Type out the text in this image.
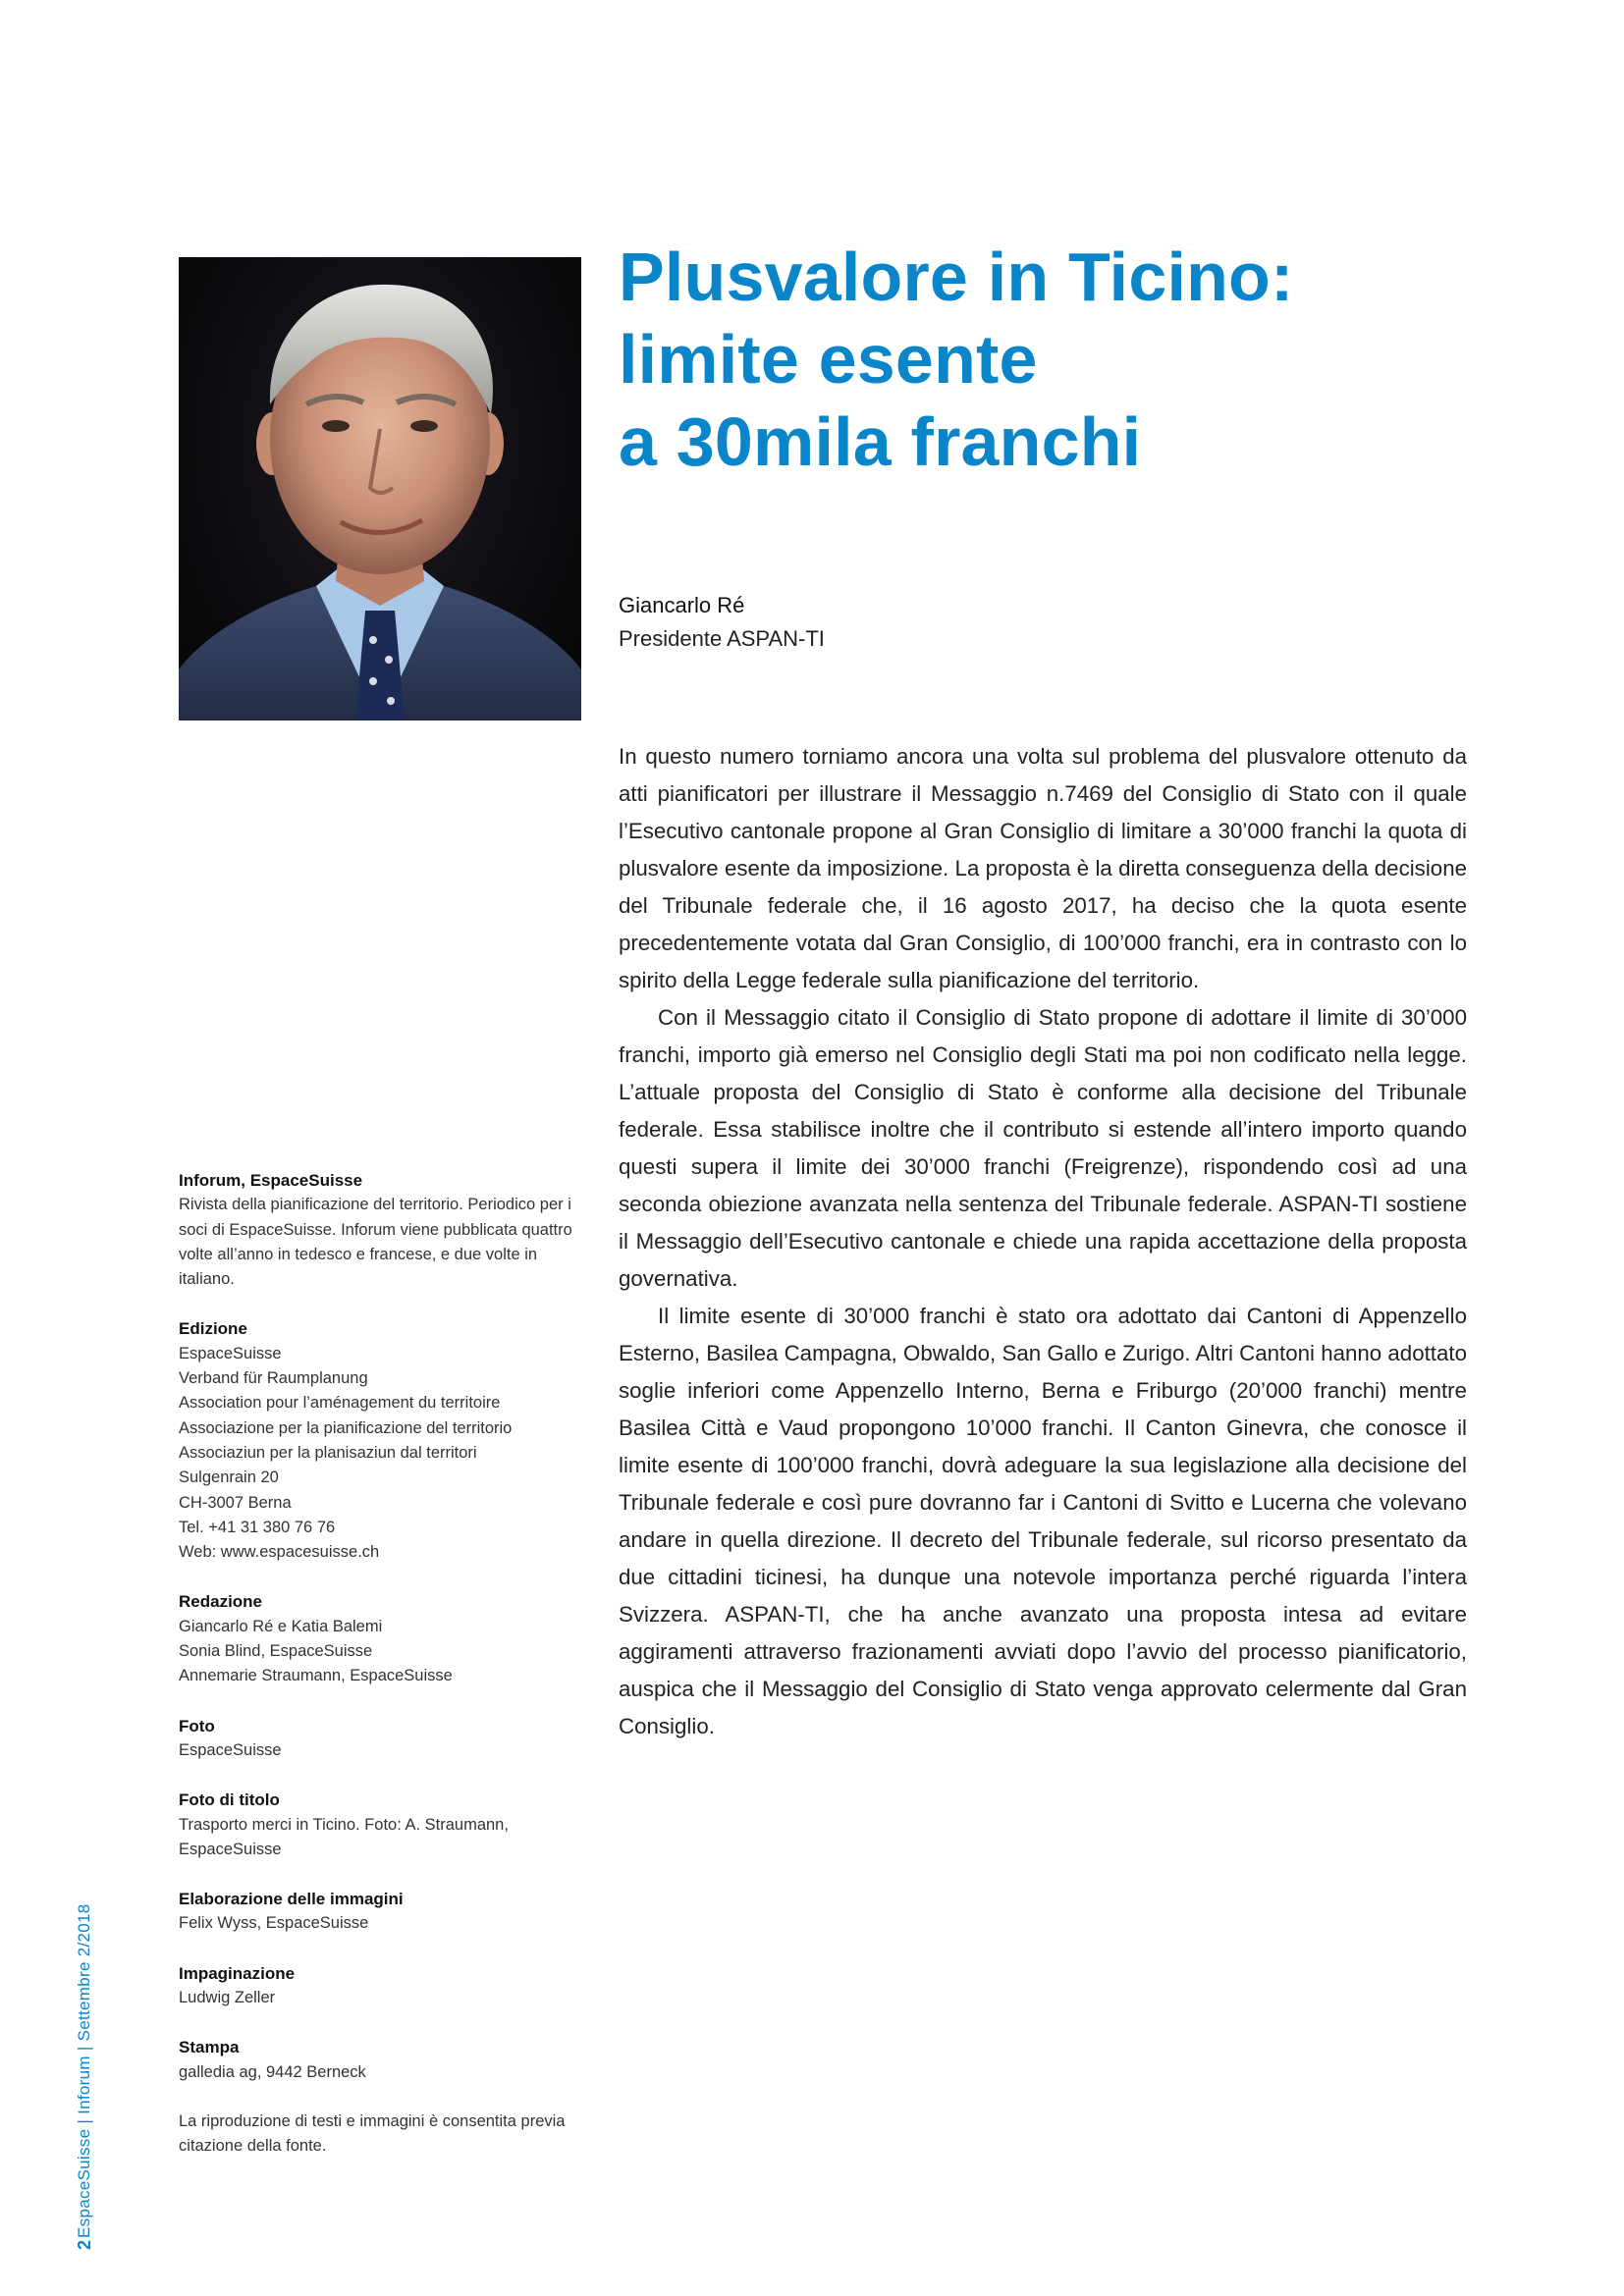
Plusvalore in Ticino:
limite esente
a 30mila franchi
Giancarlo Ré
Presidente ASPAN-TI

In questo numero torniamo ancora una volta sul problema del plusvalore ottenuto da atti pianificatori per illustrare il Messaggio n.7469 del Consiglio di Stato con il quale l’Esecutivo cantonale propone al Gran Consiglio di limitare a 30’000 franchi la quota di plusvalore esente da imposizione. La proposta è la diretta conseguenza della decisione del Tribunale federale che, il 16 agosto 2017, ha deciso che la quota esente precedentemente votata dal Gran Consiglio, di 100’000 franchi, era in contrasto con lo spirito della Legge federale sulla pianificazione del territorio.

Con il Messaggio citato il Consiglio di Stato propone di adottare il limite di 30’000 franchi, importo già emerso nel Consiglio degli Stati ma poi non codificato nella legge. L’attuale proposta del Consiglio di Stato è conforme alla decisione del Tribunale federale. Essa stabilisce inoltre che il contributo si estende all’intero importo quando questi supera il limite dei 30’000 franchi (Freigrenze), rispondendo così ad una seconda obiezione avanzata nella sentenza del Tribunale federale. ASPAN-TI sostiene il Messaggio dell’Esecutivo cantonale e chiede una rapida accettazione della proposta governativa.

Il limite esente di 30’000 franchi è stato ora adottato dai Cantoni di Appenzello Esterno, Basilea Campagna, Obwaldo, San Gallo e Zurigo. Altri Cantoni hanno adottato soglie inferiori come Appenzello Interno, Berna e Friburgo (20’000 franchi) mentre Basilea Città e Vaud propongono 10’000 franchi. Il Canton Ginevra, che conosce il limite esente di 100’000 franchi, dovrà adeguare la sua legislazione alla decisione del Tribunale federale e così pure dovranno far i Cantoni di Svitto e Lucerna che volevano andare in quella direzione. Il decreto del Tribunale federale, sul ricorso presentato da due cittadini ticinesi, ha dunque una notevole importanza perché riguarda l’intera Svizzera. ASPAN-TI, che ha anche avanzato una proposta intesa ad evitare aggiramenti attraverso frazionamenti avviati dopo l’avvio del processo pianificatorio, auspica che il Messaggio del Consiglio di Stato venga approvato celermente dal Gran Consiglio.

Inforum, EspaceSuisse
Rivista della pianificazione del territorio. Periodico per i soci di EspaceSuisse. Inforum viene pubblicata quattro volte all’anno in tedesco e francese, e due volte in italiano.
Edizione
EspaceSuisse
Verband für Raumplanung
Association pour l’aménagement du territoire
Associazione per la pianificazione del territorio
Associaziun per la planisaziun dal territori
Sulgenrain 20
CH-3007 Berna
Tel. +41 31 380 76 76
Web: www.espacesuisse.ch
Redazione
Giancarlo Ré e Katia Balemi
Sonia Blind, EspaceSuisse
Annemarie Straumann, EspaceSuisse
Foto
EspaceSuisse
Foto di titolo
Trasporto merci in Ticino. Foto: A. Straumann,
EspaceSuisse
Elaborazione delle immagini
Felix Wyss, EspaceSuisse
Impaginazione
Ludwig Zeller
Stampa
galledia ag, 9442 Berneck
La riproduzione di testi e immagini è consentita previa citazione della fonte.
EspaceSuisse | Inforum | Settembre 2/2018
2
